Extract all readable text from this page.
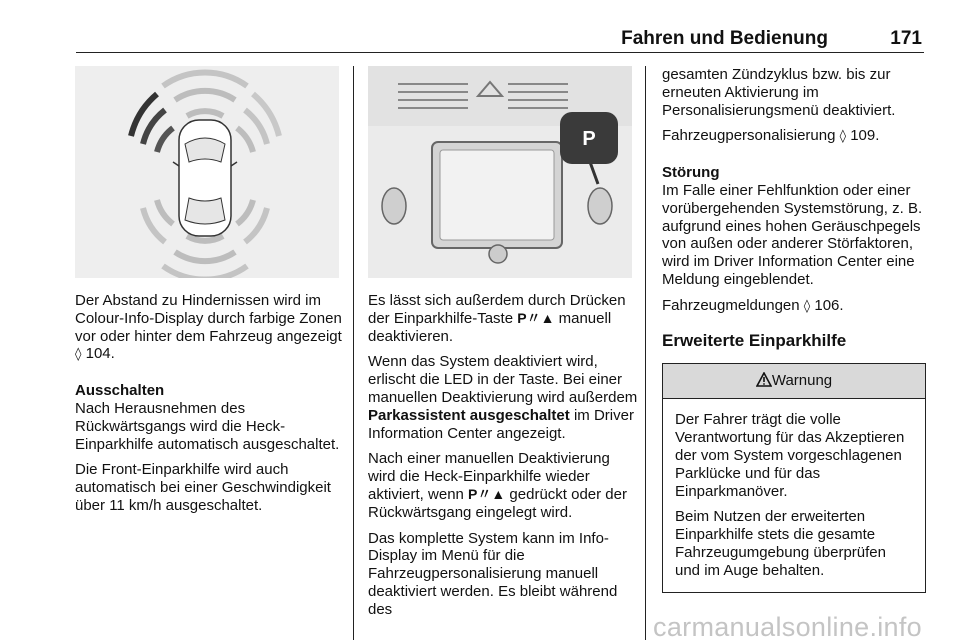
Fahren und Bedienung	171
P

Der Abstand zu Hindernissen wird im Colour-Info-Display durch farbige Zonen vor oder hinter dem Fahrzeug angezeigt ◊ 104.

Ausschalten

Nach Herausnehmen des Rückwärtsgangs wird die Heck-Einparkhilfe automatisch ausgeschaltet.

Die Front-Einparkhilfe wird auch automatisch bei einer Geschwindigkeit über 11 km/h ausgeschaltet.

Es lässt sich außerdem durch Drücken der Einparkhilfe-Taste P〃▲ manuell deaktivieren.

Wenn das System deaktiviert wird, erlischt die LED in der Taste. Bei einer manuellen Deaktivierung wird außerdem Parkassistent ausgeschaltet im Driver Information Center angezeigt.

Nach einer manuellen Deaktivierung wird die Heck-Einparkhilfe wieder aktiviert, wenn P〃▲ gedrückt oder der Rückwärtsgang eingelegt wird.

Das komplette System kann im Info-Display im Menü für die Fahrzeugpersonalisierung manuell deaktiviert werden. Es bleibt während des

gesamten Zündzyklus bzw. bis zur erneuten Aktivierung im Personalisierungsmenü deaktiviert.

Fahrzeugpersonalisierung ◊ 109.

Störung

Im Falle einer Fehlfunktion oder einer vorübergehenden Systemstörung, z. B. aufgrund eines hohen Geräuschpegels von außen oder anderer Störfaktoren, wird im Driver Information Center eine Meldung eingeblendet.

Fahrzeugmeldungen ◊ 106.

Erweiterte Einparkhilfe
Warnung

Der Fahrer trägt die volle Verantwortung für das Akzeptieren der vom System vorgeschlagenen Parklücke und für das Einparkmanöver.

Beim Nutzen der erweiterten Einparkhilfe stets die gesamte Fahrzeugumgebung überprüfen und im Auge behalten.

carmanualsonline.info
